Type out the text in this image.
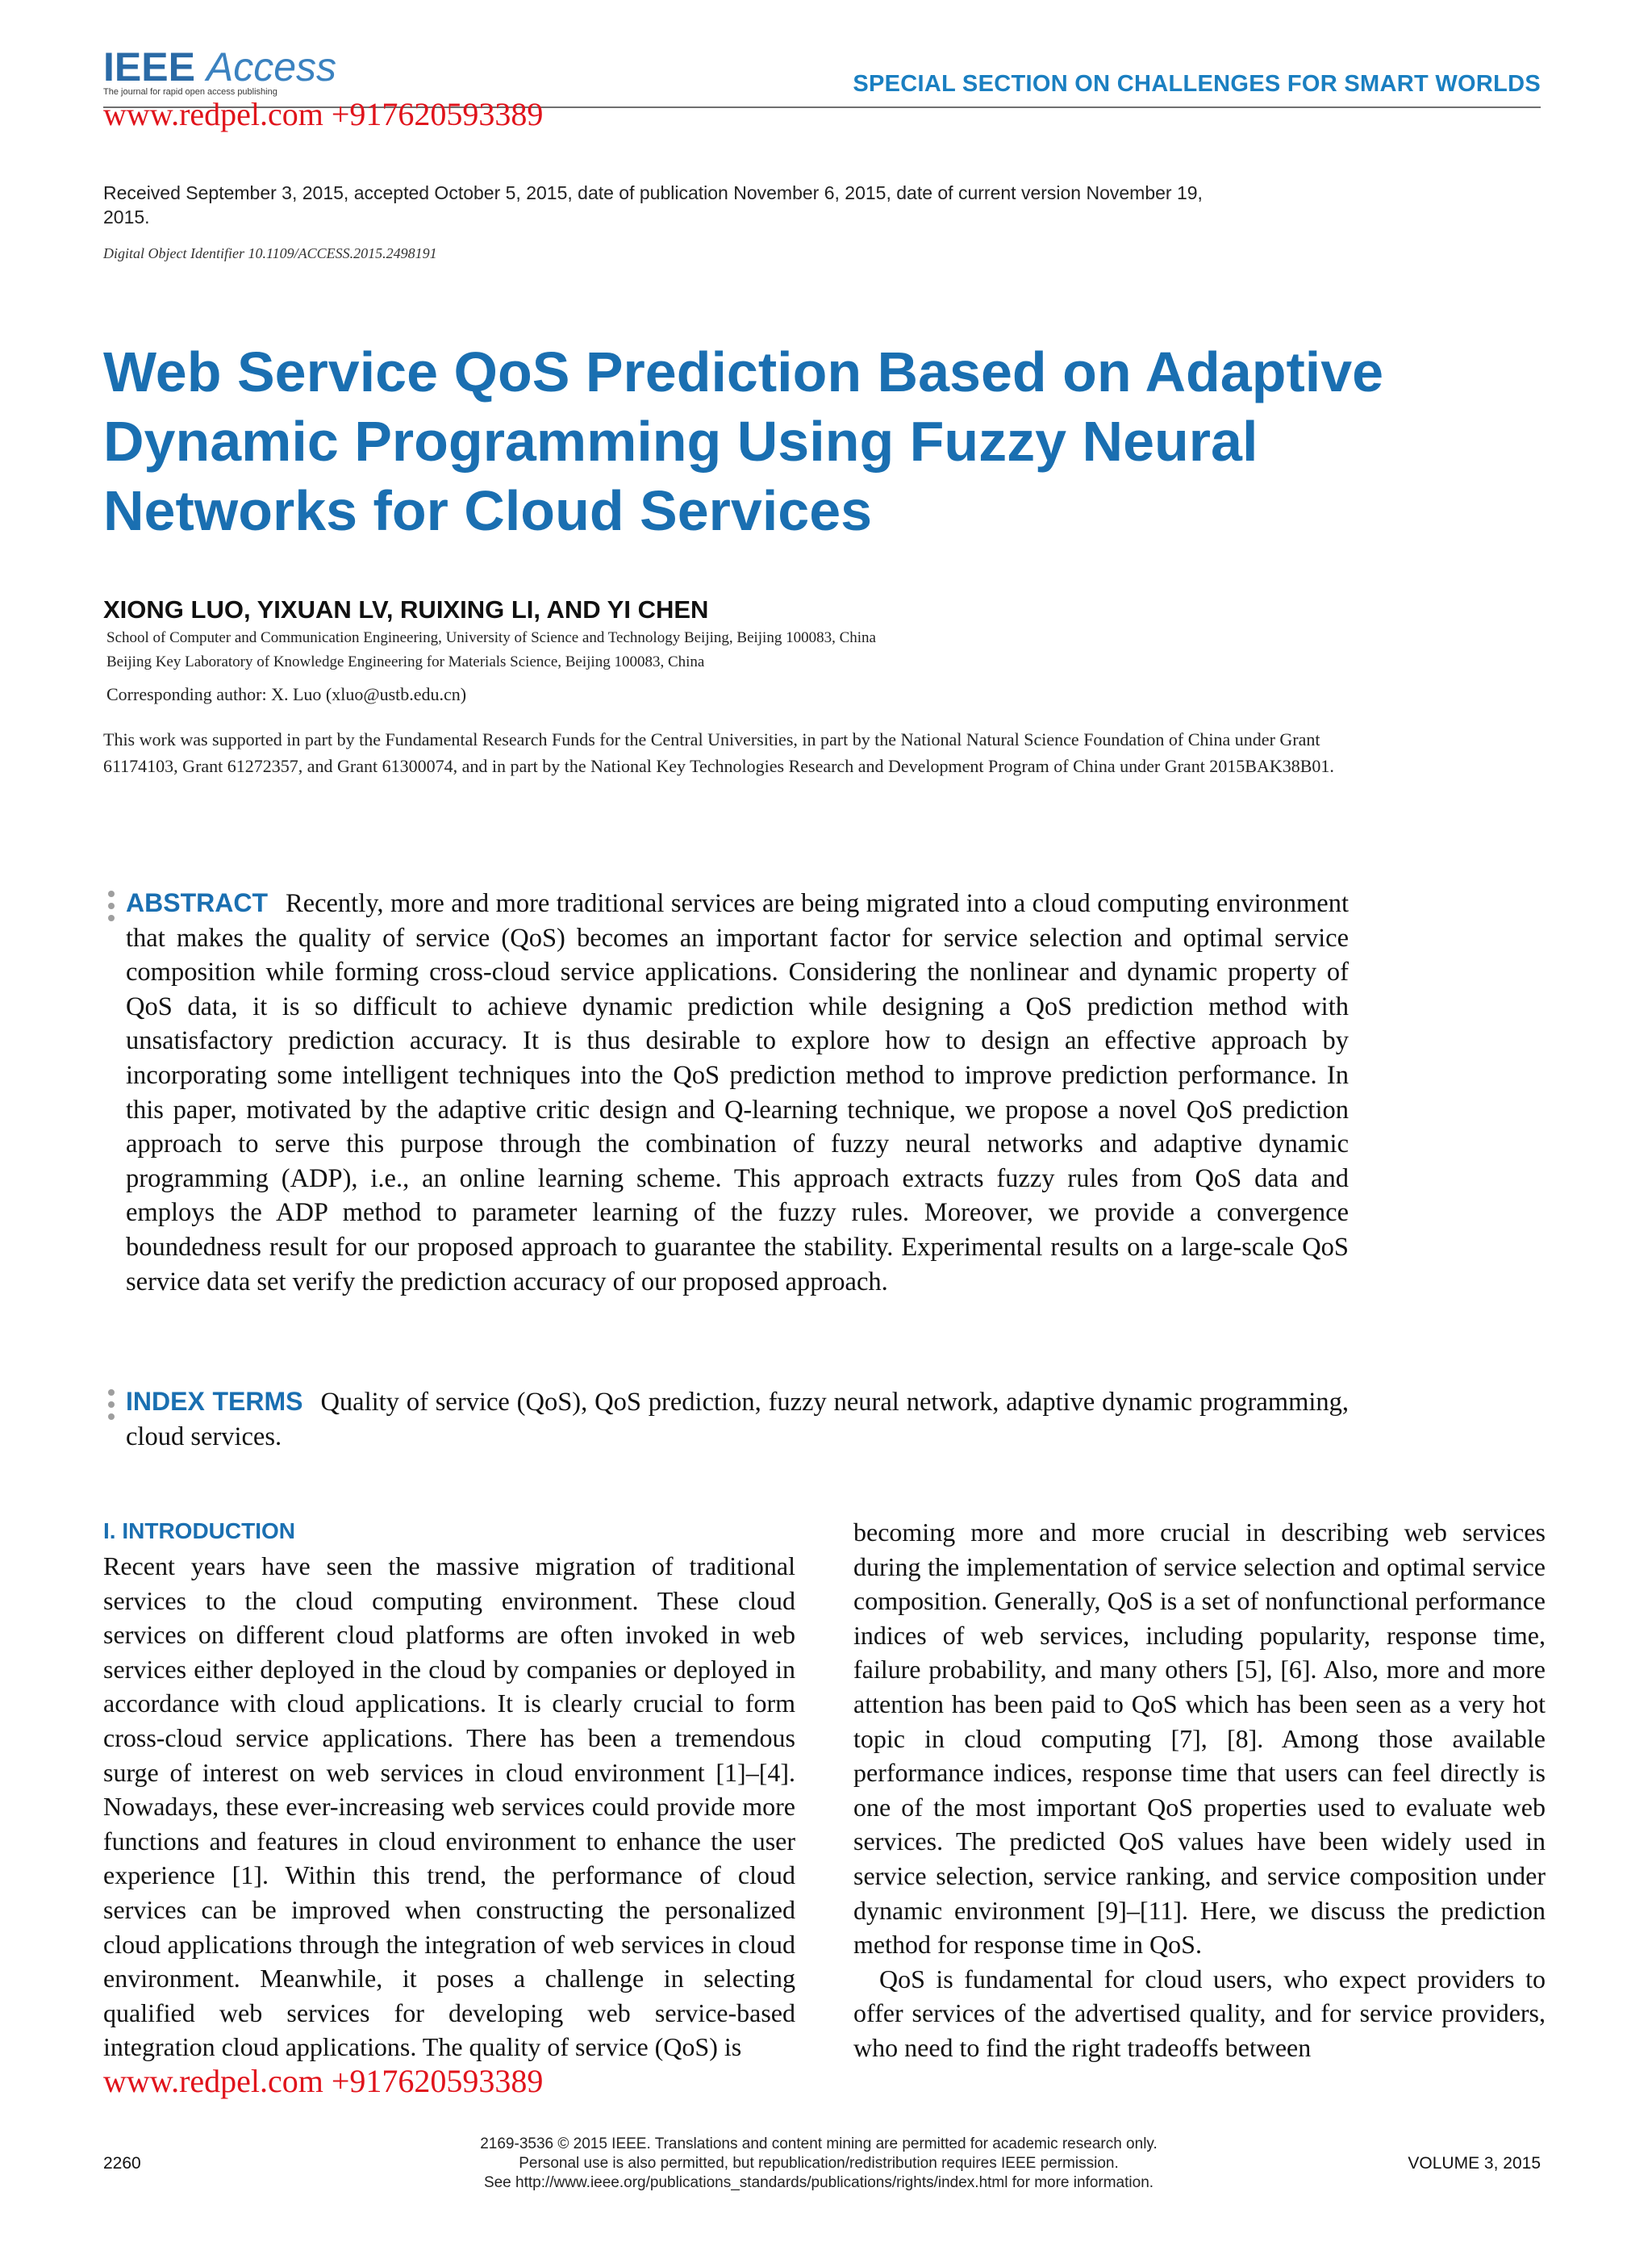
IEEE Access
The journal for rapid open access publishing	SPECIAL SECTION ON CHALLENGES FOR SMART WORLDS
www.redpel.com +917620593389
Received September 3, 2015, accepted October 5, 2015, date of publication November 6, 2015, date of current version November 19, 2015.
Digital Object Identifier 10.1109/ACCESS.2015.2498191
Web Service QoS Prediction Based on Adaptive Dynamic Programming Using Fuzzy Neural Networks for Cloud Services
XIONG LUO, YIXUAN LV, RUIXING LI, AND YI CHEN
School of Computer and Communication Engineering, University of Science and Technology Beijing, Beijing 100083, China
Beijing Key Laboratory of Knowledge Engineering for Materials Science, Beijing 100083, China
Corresponding author: X. Luo (xluo@ustb.edu.cn)
This work was supported in part by the Fundamental Research Funds for the Central Universities, in part by the National Natural Science Foundation of China under Grant 61174103, Grant 61272357, and Grant 61300074, and in part by the National Key Technologies Research and Development Program of China under Grant 2015BAK38B01.
ABSTRACT Recently, more and more traditional services are being migrated into a cloud computing environment that makes the quality of service (QoS) becomes an important factor for service selection and optimal service composition while forming cross-cloud service applications. Considering the nonlinear and dynamic property of QoS data, it is so difficult to achieve dynamic prediction while designing a QoS prediction method with unsatisfactory prediction accuracy. It is thus desirable to explore how to design an effective approach by incorporating some intelligent techniques into the QoS prediction method to improve prediction performance. In this paper, motivated by the adaptive critic design and Q-learning technique, we propose a novel QoS prediction approach to serve this purpose through the combination of fuzzy neural networks and adaptive dynamic programming (ADP), i.e., an online learning scheme. This approach extracts fuzzy rules from QoS data and employs the ADP method to parameter learning of the fuzzy rules. Moreover, we provide a convergence boundedness result for our proposed approach to guarantee the stability. Experimental results on a large-scale QoS service data set verify the prediction accuracy of our proposed approach.
INDEX TERMS Quality of service (QoS), QoS prediction, fuzzy neural network, adaptive dynamic programming, cloud services.
I. INTRODUCTION

Recent years have seen the massive migration of traditional services to the cloud computing environment. These cloud services on different cloud platforms are often invoked in web services either deployed in the cloud by companies or deployed in accordance with cloud applications. It is clearly crucial to form cross-cloud service applications. There has been a tremendous surge of interest on web services in cloud environment [1]–[4]. Nowadays, these ever-increasing web services could provide more functions and features in cloud environment to enhance the user experience [1]. Within this trend, the performance of cloud services can be improved when constructing the personalized cloud applications through the integration of web services in cloud environment. Meanwhile, it poses a challenge in selecting qualified web services for developing web service-based integration cloud applications. The quality of service (QoS) is

becoming more and more crucial in describing web services during the implementation of service selection and optimal service composition. Generally, QoS is a set of nonfunctional performance indices of web services, including popularity, response time, failure probability, and many others [5], [6]. Also, more and more attention has been paid to QoS which has been seen as a very hot topic in cloud computing [7], [8]. Among those available performance indices, response time that users can feel directly is one of the most important QoS properties used to evaluate web services. The predicted QoS values have been widely used in service selection, service ranking, and service composition under dynamic environment [9]–[11]. Here, we discuss the prediction method for response time in QoS.

QoS is fundamental for cloud users, who expect providers to offer services of the advertised quality, and for service providers, who need to find the right tradeoffs between

www.redpel.com +917620593389
2260
2169-3536 © 2015 IEEE. Translations and content mining are permitted for academic research only.
Personal use is also permitted, but republication/redistribution requires IEEE permission.
See http://www.ieee.org/publications_standards/publications/rights/index.html for more information.
VOLUME 3, 2015
